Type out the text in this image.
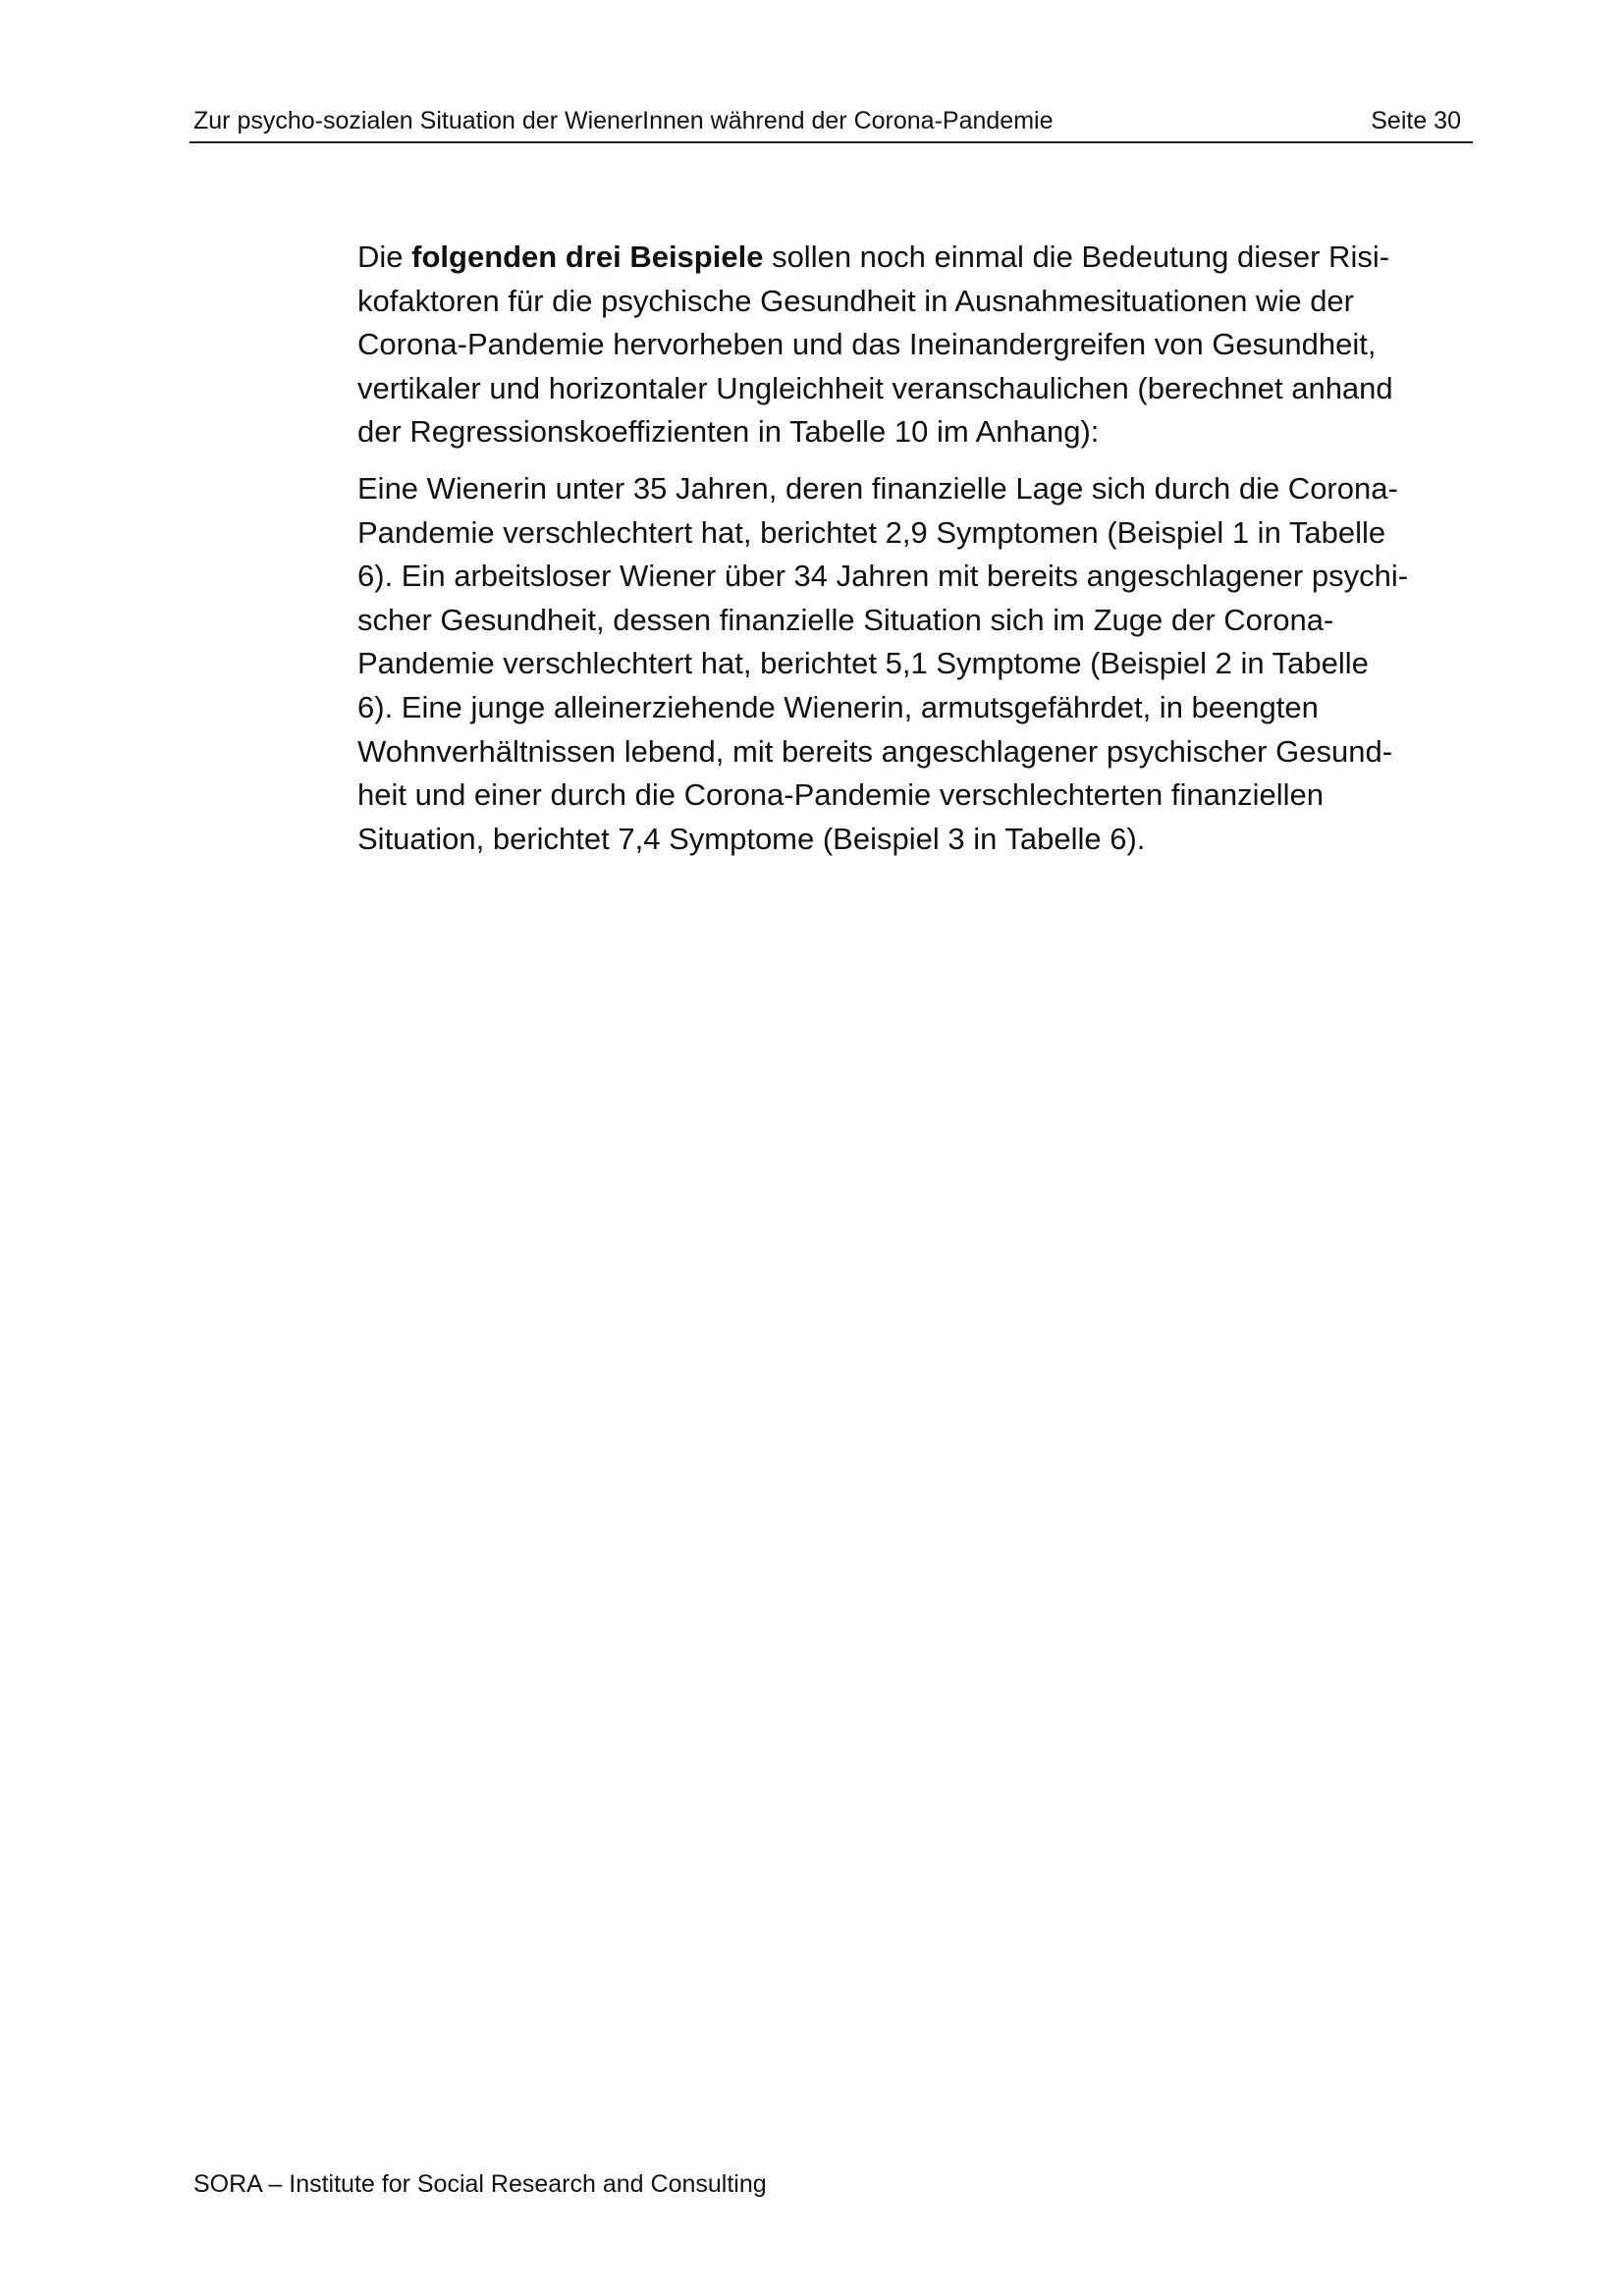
Zur psycho-sozialen Situation der WienerInnen während der Corona-Pandemie	Seite 30

Die folgenden drei Beispiele sollen noch einmal die Bedeutung dieser Risi-
kofaktoren für die psychische Gesundheit in Ausnahmesituationen wie der
Corona-Pandemie hervorheben und das Ineinandergreifen von Gesundheit,
vertikaler und horizontaler Ungleichheit veranschaulichen (berechnet anhand
der Regressionskoeffizienten in Tabelle 10 im Anhang):

Eine Wienerin unter 35 Jahren, deren finanzielle Lage sich durch die Corona-
Pandemie verschlechtert hat, berichtet 2,9 Symptomen (Beispiel 1 in Tabelle
6). Ein arbeitsloser Wiener über 34 Jahren mit bereits angeschlagener psychi-
scher Gesundheit, dessen finanzielle Situation sich im Zuge der Corona-
Pandemie verschlechtert hat, berichtet 5,1 Symptome (Beispiel 2 in Tabelle
6). Eine junge alleinerziehende Wienerin, armutsgefährdet, in beengten
Wohnverhältnissen lebend, mit bereits angeschlagener psychischer Gesund-
heit und einer durch die Corona-Pandemie verschlechterten finanziellen
Situation, berichtet 7,4 Symptome (Beispiel 3 in Tabelle 6).

SORA – Institute for Social Research and Consulting
